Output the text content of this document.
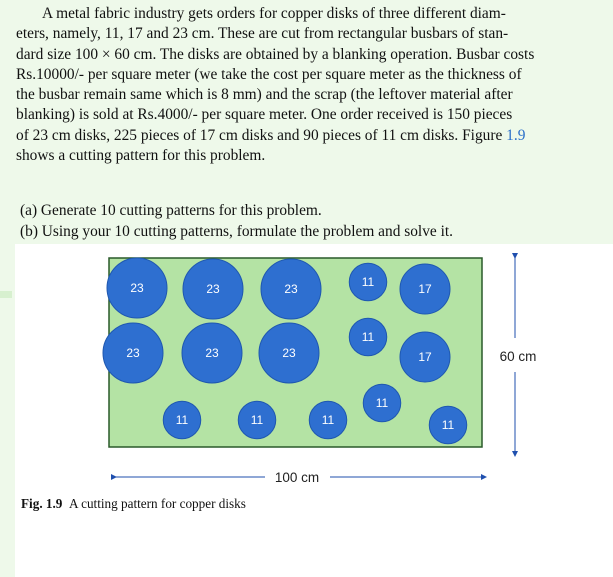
A metal fabric industry gets orders for copper disks of three different diam-
eters, namely, 11, 17 and 23 cm. These are cut from rectangular busbars of stan-
dard size 100 × 60 cm. The disks are obtained by a blanking operation. Busbar costs
Rs.10000/- per square meter (we take the cost per square meter as the thickness of
the busbar remain same which is 8 mm) and the scrap (the leftover material after
blanking) is sold at Rs.4000/- per square meter. One order received is 150 pieces
of 23 cm disks, 225 pieces of 17 cm disks and 90 pieces of 11 cm disks. Figure 1.9
shows a cutting pattern for this problem.
(a) Generate 10 cutting patterns for this problem.
(b) Using your 10 cutting patterns, formulate the problem and solve it.
23	23	23	11	17
11
23	23	23	17
11
11	11	11	11
100 cm
60 cm
Fig. 1.9 A cutting pattern for copper disks
